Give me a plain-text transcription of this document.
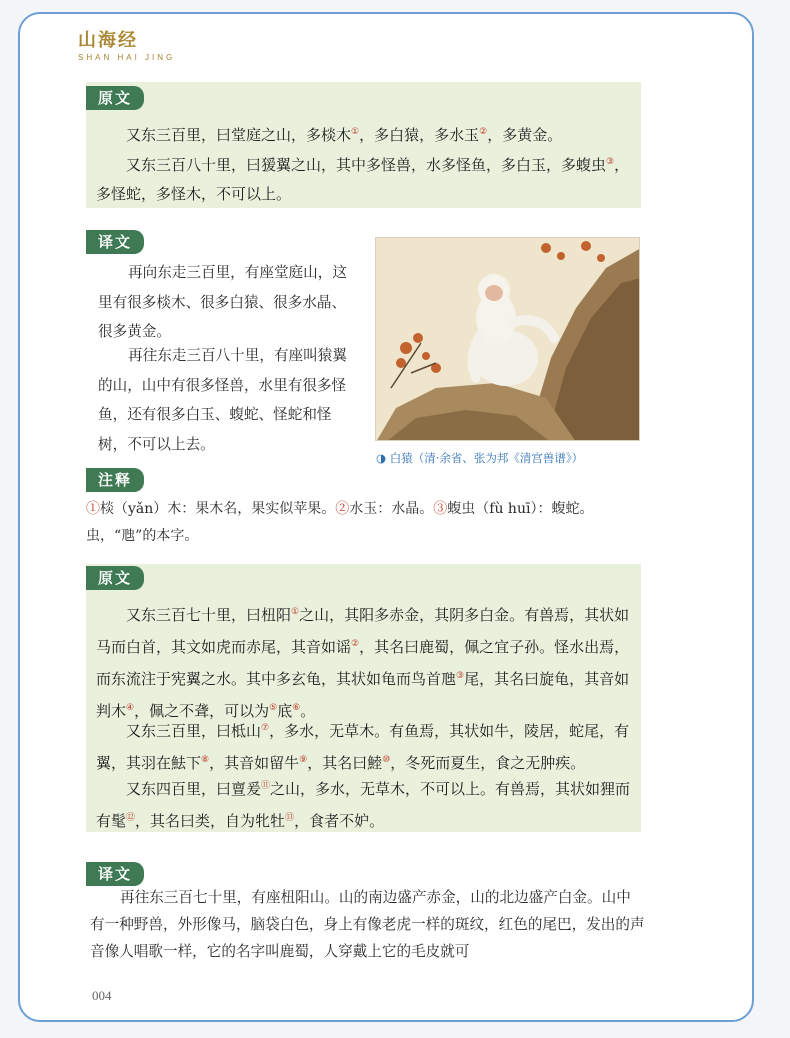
山海经
SHAN HAI JING
原文

又东三百里，曰堂庭之山，多棪木①，多白猿，多水玉②，多黄金。

又东三百八十里，曰猨翼之山，其中多怪兽，水多怪鱼，多白玉，多蝮虫③，多怪蛇，多怪木，不可以上。

译文

再向东走三百里，有座堂庭山，这里有很多棪木、很多白猿、很多水晶、很多黄金。

再往东走三百八十里，有座叫猿翼的山，山中有很多怪兽，水里有很多怪鱼，还有很多白玉、蝮蛇、怪蛇和怪树，不可以上去。

◑ 白猿（清·余省、张为邦《清宫兽谱》）
注释

①棪（yǎn）木：果木名，果实似苹果。②水玉：水晶。③蝮虫（fù huī）：蝮蛇。虫，“虺”的本字。

原文

又东三百七十里，曰杻阳①之山，其阳多赤金，其阴多白金。有兽焉，其状如马而白首，其文如虎而赤尾，其音如谣②，其名曰鹿蜀，佩之宜子孙。怪水出焉，而东流注于宪翼之水。其中多玄龟，其状如龟而鸟首虺③尾，其名曰旋龟，其音如判木④，佩之不聋，可以为⑤底⑥。

又东三百里，曰柢山⑦，多水，无草木。有鱼焉，其状如牛，陵居，蛇尾，有翼，其羽在魼下⑧，其音如留牛⑨，其名曰鯥⑩，冬死而夏生，食之无肿疾。

又东四百里，曰亶爰⑪之山，多水，无草木，不可以上。有兽焉，其状如狸而有髦⑫，其名曰类，自为牝牡⑬，食者不妒。

译文

再往东三百七十里，有座杻阳山。山的南边盛产赤金，山的北边盛产白金。山中有一种野兽，外形像马，脑袋白色，身上有像老虎一样的斑纹，红色的尾巴，发出的声音像人唱歌一样，它的名字叫鹿蜀，人穿戴上它的毛皮就可

004
